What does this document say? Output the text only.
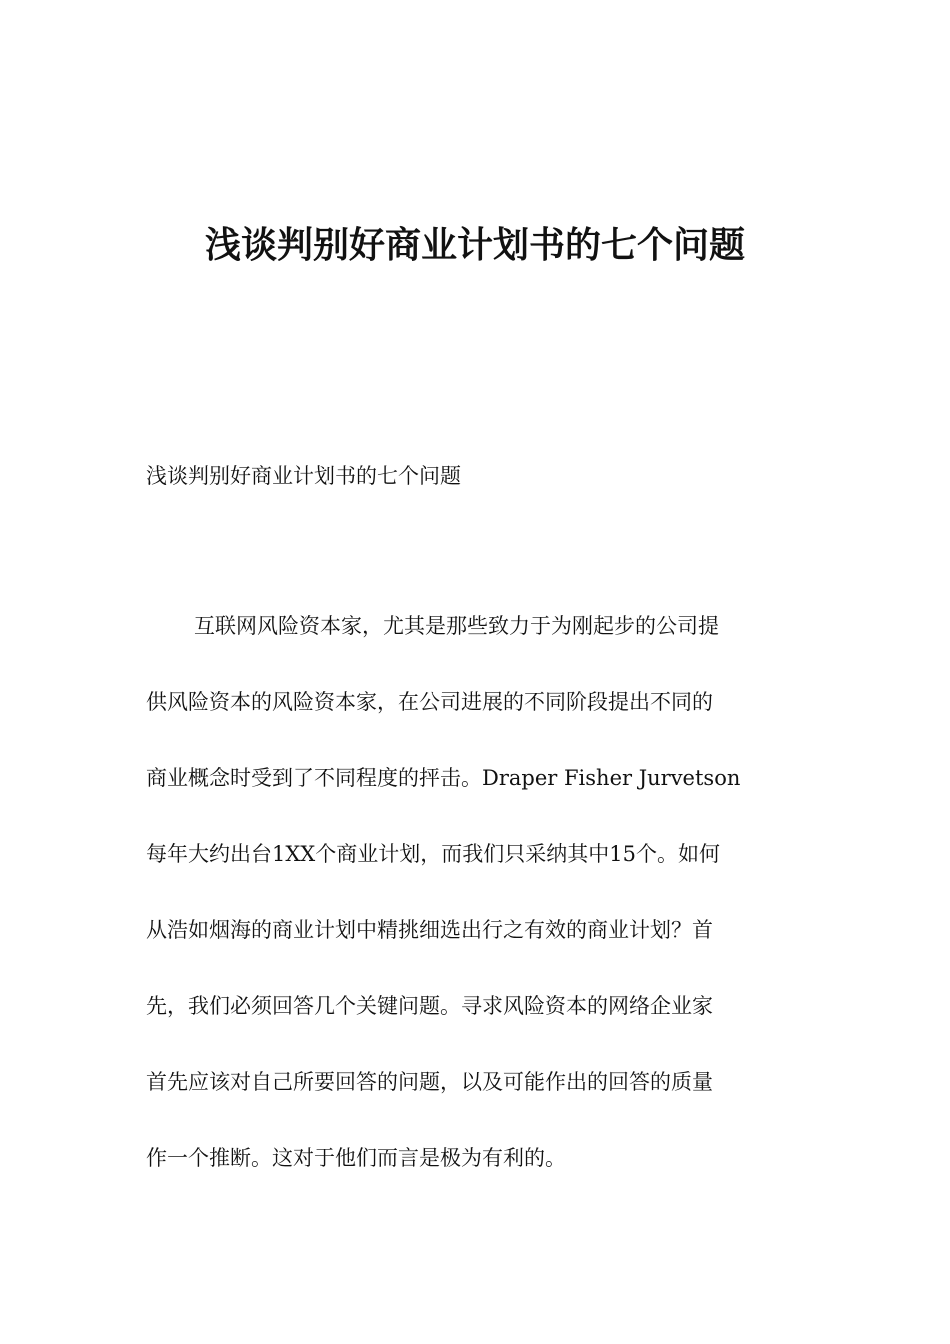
浅谈判别好商业计划书的七个问题

浅谈判别好商业计划书的七个问题

互联网风险资本家，尤其是那些致力于为刚起步的公司提
供风险资本的风险资本家，在公司进展的不同阶段提出不同的
商业概念时受到了不同程度的抨击。Draper Fisher Jurvetson
每年大约出台1XX个商业计划，而我们只采纳其中15个。如何
从浩如烟海的商业计划中精挑细选出行之有效的商业计划？首
先，我们必须回答几个关键问题。寻求风险资本的网络企业家
首先应该对自己所要回答的问题，以及可能作出的回答的质量
作一个推断。这对于他们而言是极为有利的。
